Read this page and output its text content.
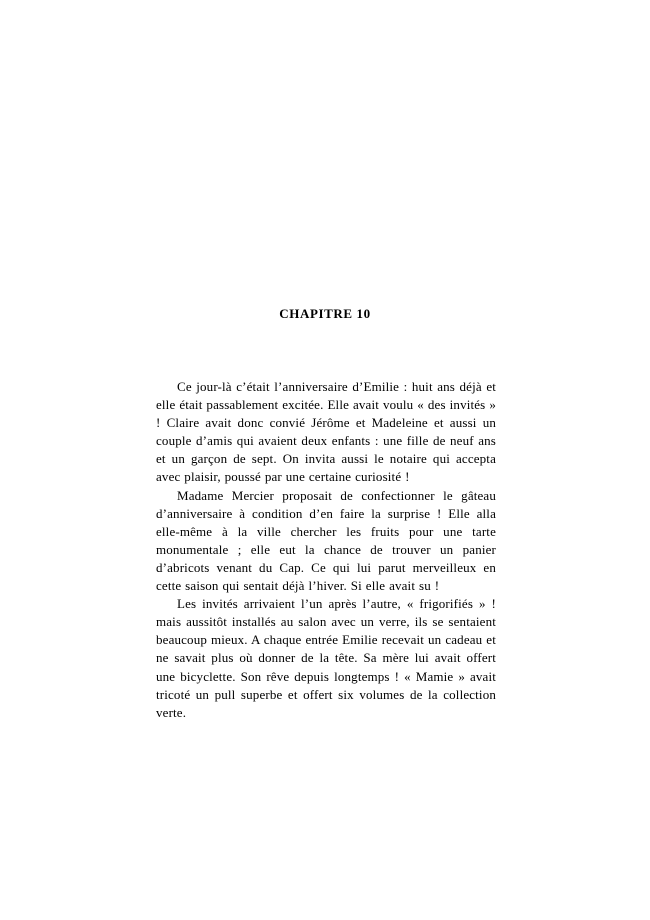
CHAPITRE 10

Ce jour-là c’était l’anniversaire d’Emilie : huit ans déjà et elle était passablement excitée. Elle avait voulu « des invités » ! Claire avait donc convié Jérôme et Madeleine et aussi un couple d’amis qui avaient deux enfants : une fille de neuf ans et un garçon de sept. On invita aussi le notaire qui accepta avec plaisir, poussé par une certaine curiosité !

Madame Mercier proposait de confectionner le gâteau d’anniversaire à condition d’en faire la surprise ! Elle alla elle-même à la ville chercher les fruits pour une tarte monumentale ; elle eut la chance de trouver un panier d’abricots venant du Cap. Ce qui lui parut merveilleux en cette saison qui sentait déjà l’hiver. Si elle avait su !

Les invités arrivaient l’un après l’autre, « frigorifiés » ! mais aussitôt installés au salon avec un verre, ils se sentaient beaucoup mieux. A chaque entrée Emilie recevait un cadeau et ne savait plus où donner de la tête. Sa mère lui avait offert une bicyclette. Son rêve depuis longtemps ! « Mamie » avait tricoté un pull superbe et offert six volumes de la collection verte.
